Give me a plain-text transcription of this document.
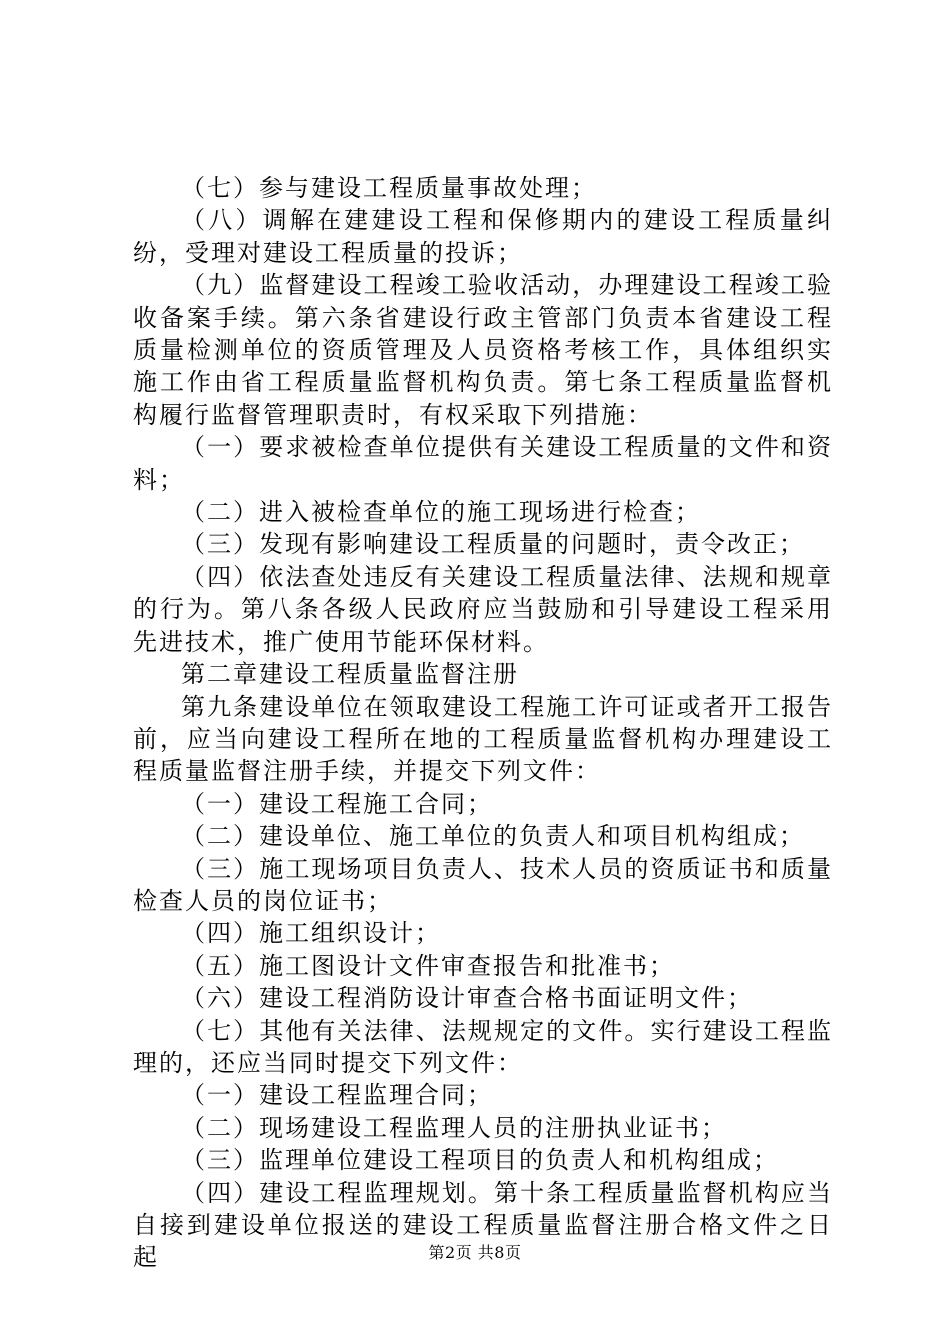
（七）参与建设工程质量事故处理；

（八）调解在建建设工程和保修期内的建设工程质量纠纷，受理对建设工程质量的投诉；

（九）监督建设工程竣工验收活动，办理建设工程竣工验收备案手续。第六条省建设行政主管部门负责本省建设工程质量检测单位的资质管理及人员资格考核工作，具体组织实施工作由省工程质量监督机构负责。第七条工程质量监督机构履行监督管理职责时，有权采取下列措施：

（一）要求被检查单位提供有关建设工程质量的文件和资料；

（二）进入被检查单位的施工现场进行检查；

（三）发现有影响建设工程质量的问题时，责令改正；

（四）依法查处违反有关建设工程质量法律、法规和规章的行为。第八条各级人民政府应当鼓励和引导建设工程采用先进技术，推广使用节能环保材料。

第二章建设工程质量监督注册

第九条建设单位在领取建设工程施工许可证或者开工报告前，应当向建设工程所在地的工程质量监督机构办理建设工程质量监督注册手续，并提交下列文件：

（一）建设工程施工合同；

（二）建设单位、施工单位的负责人和项目机构组成；

（三）施工现场项目负责人、技术人员的资质证书和质量检查人员的岗位证书；

（四）施工组织设计；

（五）施工图设计文件审查报告和批准书；

（六）建设工程消防设计审查合格书面证明文件；

（七）其他有关法律、法规规定的文件。实行建设工程监理的，还应当同时提交下列文件：

（一）建设工程监理合同；

（二）现场建设工程监理人员的注册执业证书；

（三）监理单位建设工程项目的负责人和机构组成；

（四）建设工程监理规划。第十条工程质量监督机构应当自接到建设单位报送的建设工程质量监督注册合格文件之日起	第2页 共8页
